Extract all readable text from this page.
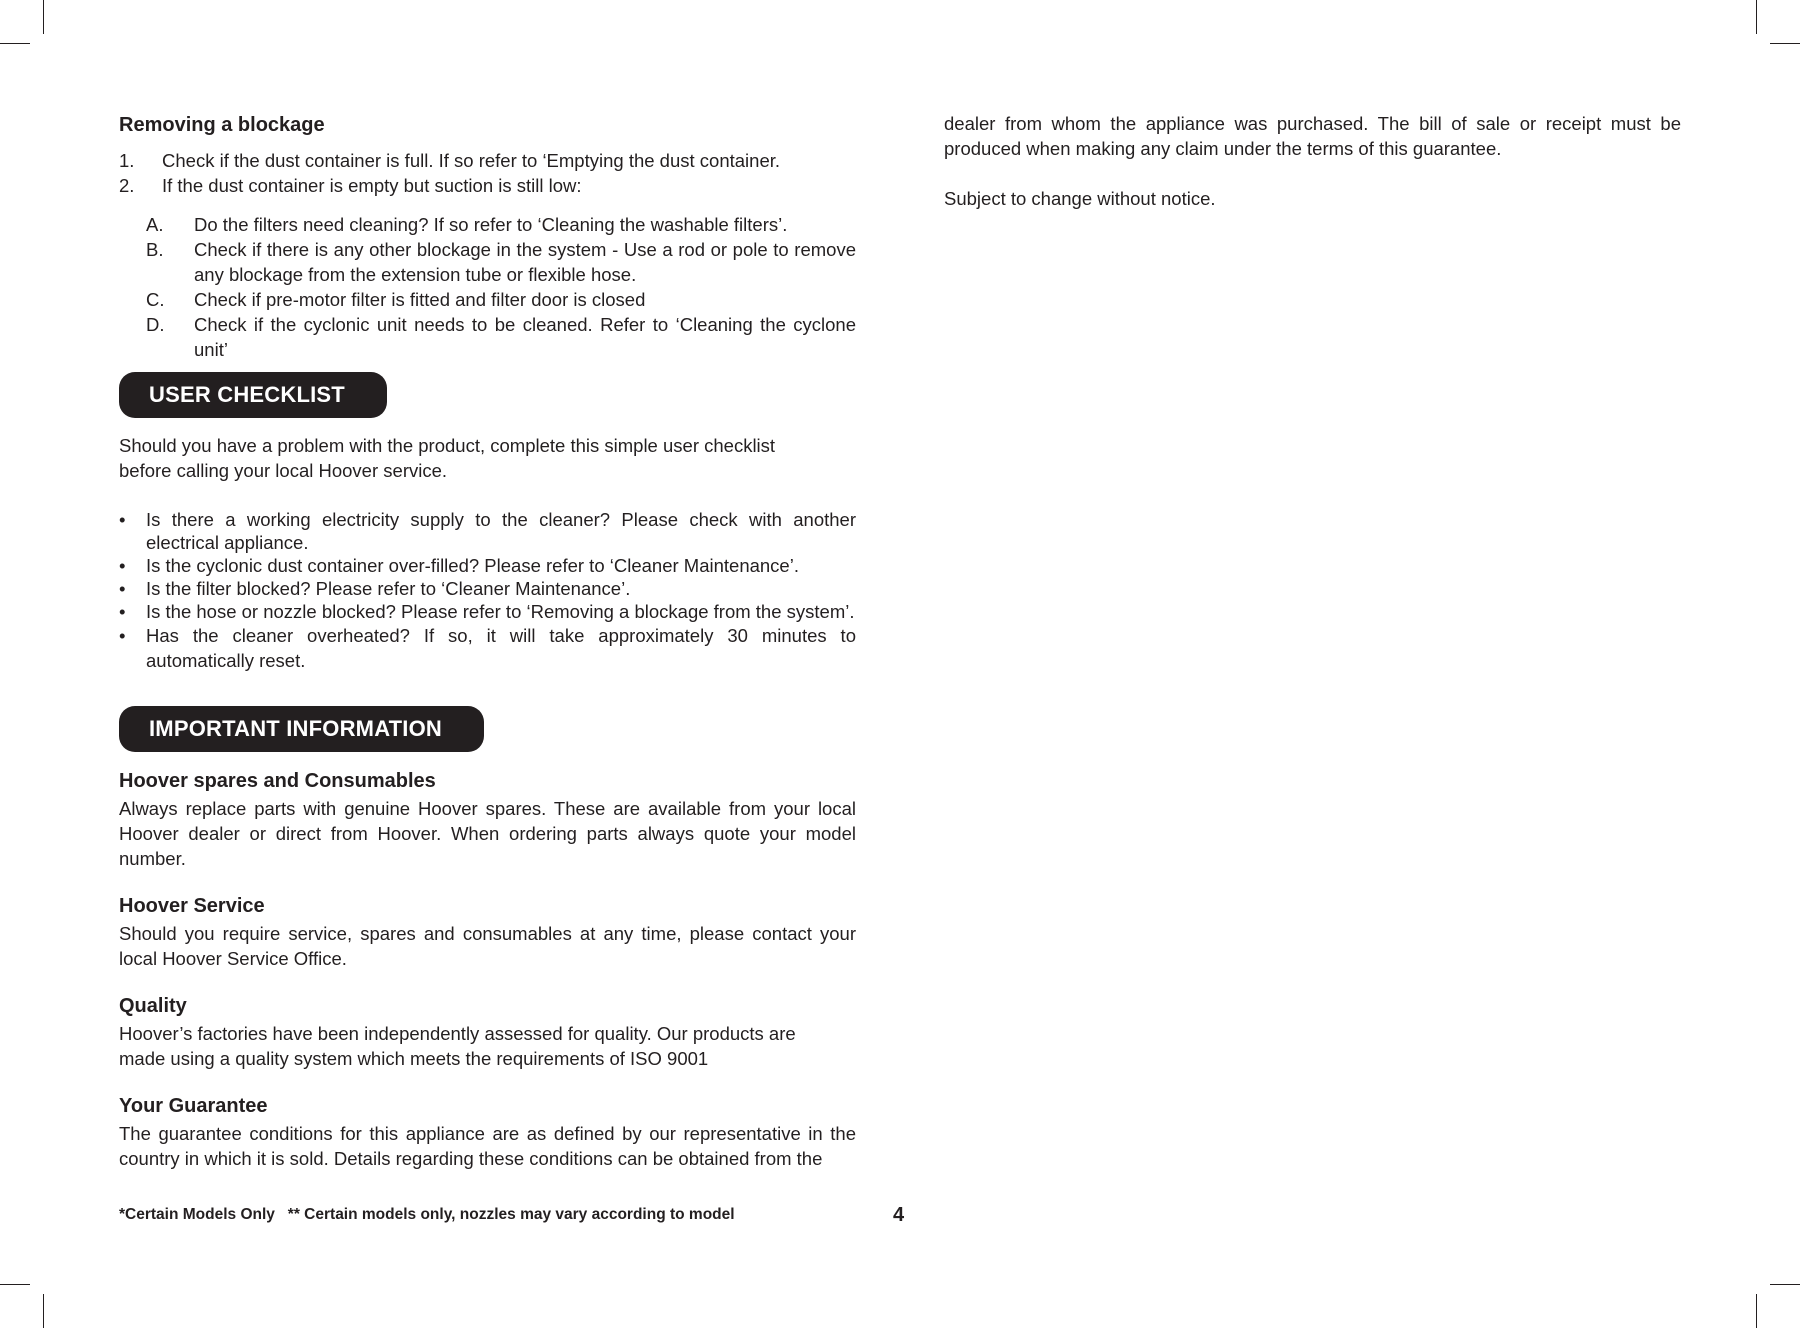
Removing a blockage
1. Check if the dust container is full. If so refer to ‘Emptying the dust container.
2. If the dust container is empty but suction is still low:
A. Do the filters need cleaning? If so refer to ‘Cleaning the washable filters’.
B. Check if there is any other blockage in the system - Use a rod or pole to remove any blockage from the extension tube or flexible hose.
C. Check if pre-motor filter is fitted and filter door is closed
D. Check if the cyclonic unit needs to be cleaned. Refer to ‘Cleaning the cyclone unit’
USER CHECKLIST

Should you have a problem with the product, complete this simple user checklist
before calling your local Hoover service.

• Is there a working electricity supply to the cleaner? Please check with another electrical appliance.
• Is the cyclonic dust container over-filled? Please refer to ‘Cleaner Maintenance’.
• Is the filter blocked? Please refer to ‘Cleaner Maintenance’.
• Is the hose or nozzle blocked? Please refer to ‘Removing a blockage from the system’.
• Has the cleaner overheated? If so, it will take approximately 30 minutes to automatically reset.
IMPORTANT INFORMATION
Hoover spares and Consumables

Always replace parts with genuine Hoover spares. These are available from your local Hoover dealer or direct from Hoover. When ordering parts always quote your model number.

Hoover Service

Should you require service, spares and consumables at any time, please contact your local Hoover Service Office.

Quality

Hoover’s factories have been independently assessed for quality. Our products are
made using a quality system which meets the requirements of ISO 9001

Your Guarantee

The guarantee conditions for this appliance are as defined by our representative in the country in which it is sold. Details regarding these conditions can be obtained from the

dealer from whom the appliance was purchased. The bill of sale or receipt must be produced when making any claim under the terms of this guarantee.

Subject to change without notice.

*Certain Models Only   ** Certain models only, nozzles may vary according to model	4
